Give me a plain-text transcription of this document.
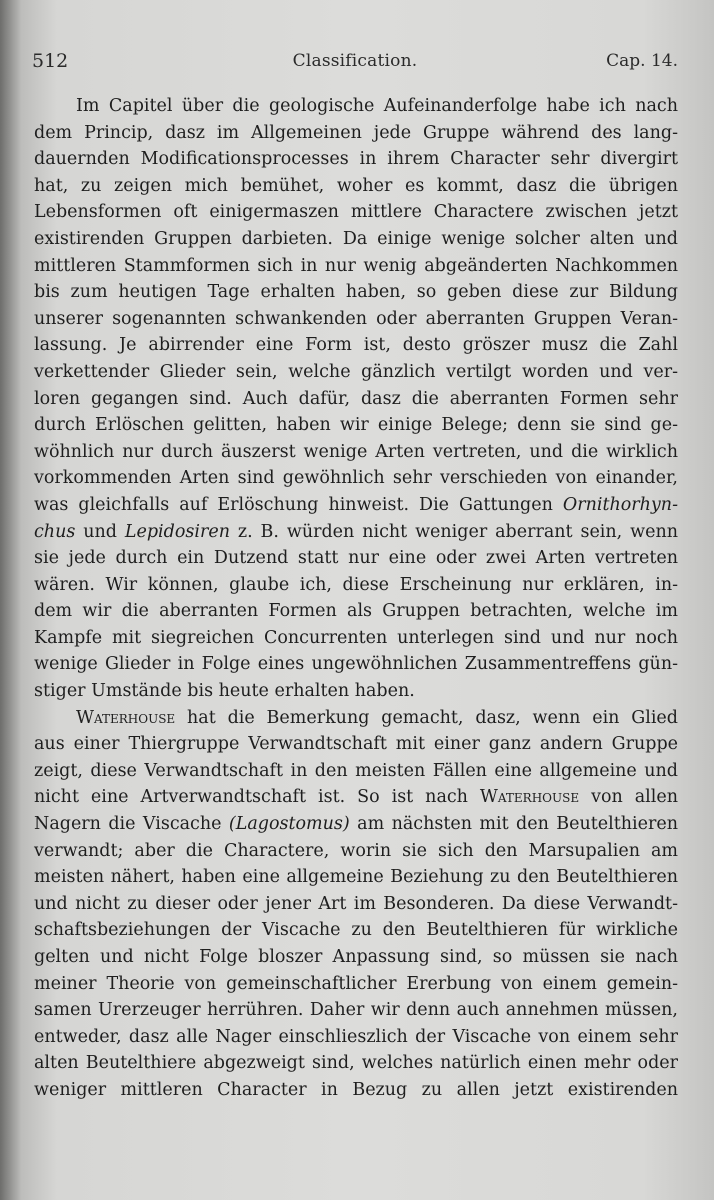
512	Classification.	Cap. 14.
Im Capitel über die geologische Aufeinanderfolge habe ich nach
dem Princip, dasz im Allgemeinen jede Gruppe während des lang-
dauernden Modificationsprocesses in ihrem Character sehr divergirt
hat, zu zeigen mich bemühet, woher es kommt, dasz die übrigen
Lebensformen oft einigermaszen mittlere Charactere zwischen jetzt
existirenden Gruppen darbieten. Da einige wenige solcher alten und
mittleren Stammformen sich in nur wenig abgeänderten Nachkommen
bis zum heutigen Tage erhalten haben, so geben diese zur Bildung
unserer sogenannten schwankenden oder aberranten Gruppen Veran-
lassung. Je abirrender eine Form ist, desto gröszer musz die Zahl
verkettender Glieder sein, welche gänzlich vertilgt worden und ver-
loren gegangen sind. Auch dafür, dasz die aberranten Formen sehr
durch Erlöschen gelitten, haben wir einige Belege; denn sie sind ge-
wöhnlich nur durch äuszerst wenige Arten vertreten, und die wirklich
vorkommenden Arten sind gewöhnlich sehr verschieden von einander,
was gleichfalls auf Erlöschung hinweist. Die Gattungen Ornithorhyn-
chus und Lepidosiren z. B. würden nicht weniger aberrant sein, wenn
sie jede durch ein Dutzend statt nur eine oder zwei Arten vertreten
wären. Wir können, glaube ich, diese Erscheinung nur erklären, in-
dem wir die aberranten Formen als Gruppen betrachten, welche im
Kampfe mit siegreichen Concurrenten unterlegen sind und nur noch
wenige Glieder in Folge eines ungewöhnlichen Zusammentreffens gün-
stiger Umstände bis heute erhalten haben.
Waterhouse hat die Bemerkung gemacht, dasz, wenn ein Glied
aus einer Thiergruppe Verwandtschaft mit einer ganz andern Gruppe
zeigt, diese Verwandtschaft in den meisten Fällen eine allgemeine und
nicht eine Artverwandtschaft ist. So ist nach Waterhouse von allen
Nagern die Viscache (Lagostomus) am nächsten mit den Beutelthieren
verwandt; aber die Charactere, worin sie sich den Marsupalien am
meisten nähert, haben eine allgemeine Beziehung zu den Beutelthieren
und nicht zu dieser oder jener Art im Besonderen. Da diese Verwandt-
schaftsbeziehungen der Viscache zu den Beutelthieren für wirkliche
gelten und nicht Folge bloszer Anpassung sind, so müssen sie nach
meiner Theorie von gemeinschaftlicher Ererbung von einem gemein-
samen Urerzeuger herrühren. Daher wir denn auch annehmen müssen,
entweder, dasz alle Nager einschlieszlich der Viscache von einem sehr
alten Beutelthiere abgezweigt sind, welches natürlich einen mehr oder
weniger mittleren Character in Bezug zu allen jetzt existirenden
